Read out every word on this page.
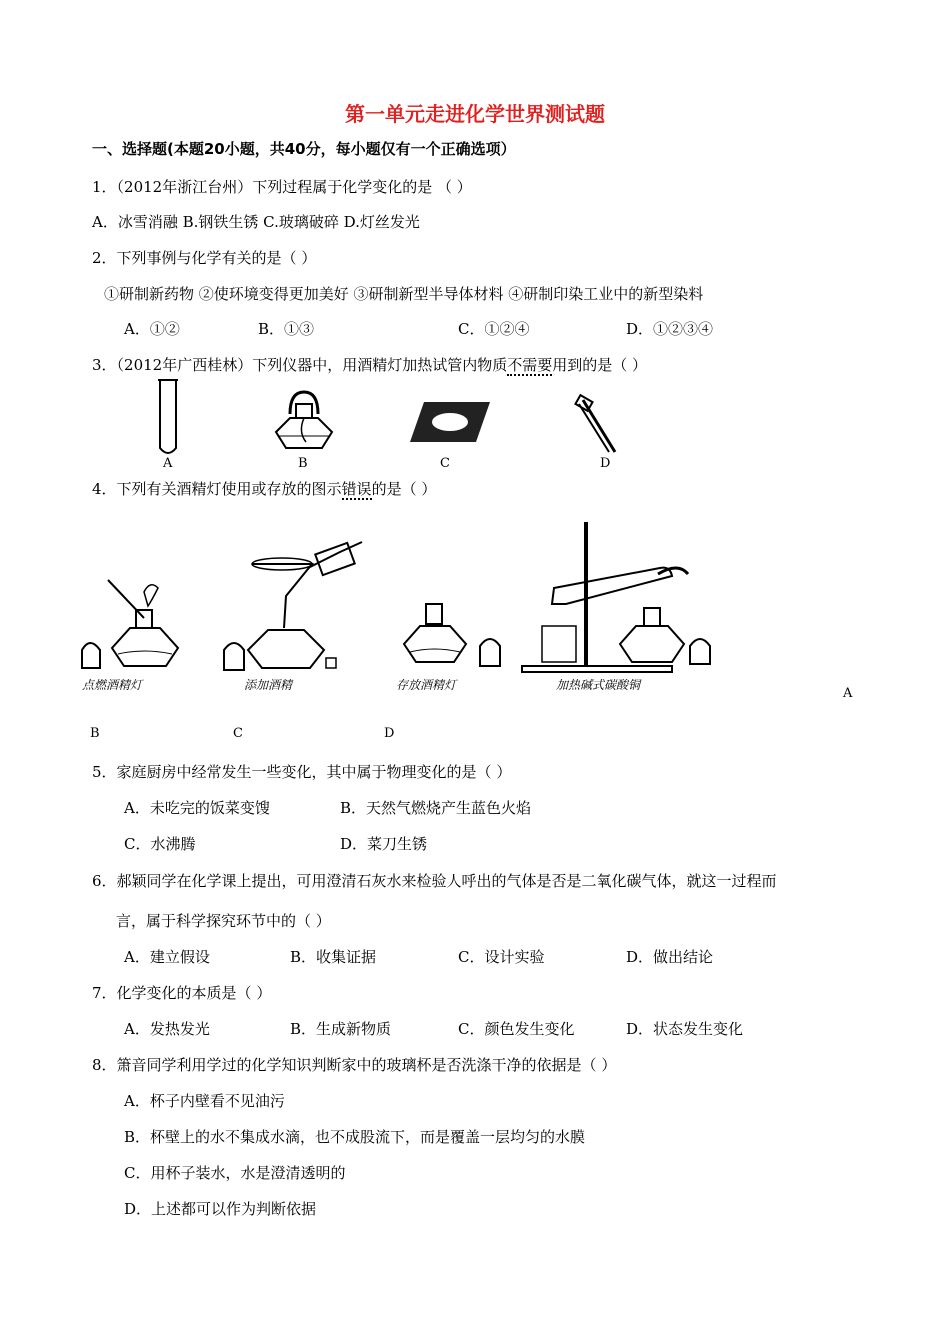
第一单元走进化学世界测试题
一、选择题(本题20小题，共40分，每小题仅有一个正确选项）
1．（2012年浙江台州）下列过程属于化学变化的是 （ ）
A．冰雪消融 B.钢铁生锈 C.玻璃破碎 D.灯丝发光
2．下列事例与化学有关的是（ ）
①研制新药物 ②使环境变得更加美好 ③研制新型半导体材料 ④研制印染工业中的新型染料
A．①②	B．①③	C．①②④	D．①②③④
3．（2012年广西桂林）下列仪器中，用酒精灯加热试管内物质不需要用到的是（ ）
A	B	C	D
4．下列有关酒精灯使用或存放的图示错误的是（ ）
点燃酒精灯	添加酒精	存放酒精灯	加热碱式碳酸铜
A
B	C	D
5．家庭厨房中经常发生一些变化，其中属于物理变化的是（ ）
A．未吃完的饭菜变馊	B．天然气燃烧产生蓝色火焰
C．水沸腾	D．菜刀生锈
6．郝颖同学在化学课上提出，可用澄清石灰水来检验人呼出的气体是否是二氧化碳气体，就这一过程而
言，属于科学探究环节中的（ ）
A．建立假设	B．收集证据	C．设计实验	D．做出结论
7．化学变化的本质是（ ）
A．发热发光	B．生成新物质	C．颜色发生变化	D．状态发生变化
8．箫音同学利用学过的化学知识判断家中的玻璃杯是否洗涤干净的依据是（ ）
A．杯子内壁看不见油污
B．杯壁上的水不集成水滴，也不成股流下，而是覆盖一层均匀的水膜
C．用杯子装水，水是澄清透明的
D．上述都可以作为判断依据
